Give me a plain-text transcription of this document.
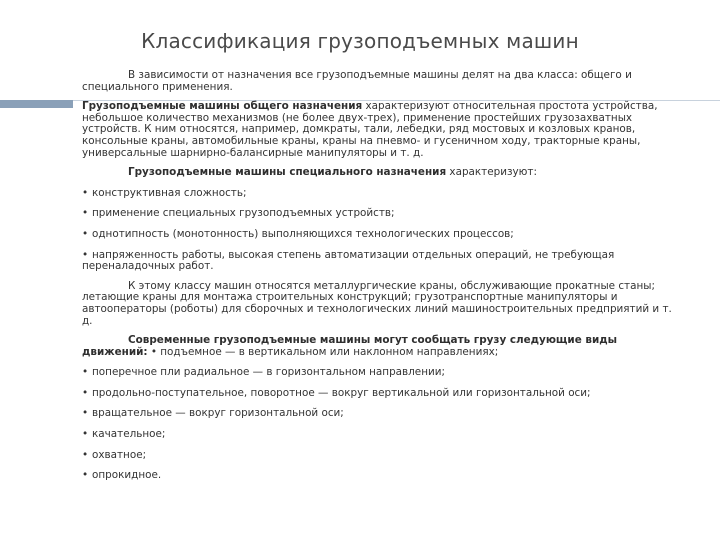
Классификация грузоподъемных машин

В зависимости от назначения все грузоподъемные машины делят на два класса: общего и специального применения.

Грузоподъемные машины общего назначения характеризуют относительная простота устройства, небольшое количество механизмов (не более двух-трех), применение простейших грузозахватных устройств. К ним относятся, например, домкраты, тали, лебедки, ряд мостовых и козловых кранов, консольные краны, автомобильные краны, краны на пневмо- и гусеничном ходу, тракторные краны, универсальные шарнирно-балансирные манипуляторы и т. д.

Грузоподъемные машины специального назначения характеризуют:

• конструктивная сложность;

• применение специальных грузоподъемных устройств;

• однотипность (монотонность) выполняющихся технологических процессов;

• напряженность работы, высокая степень автоматизации отдельных операций, не требующая переналадочных работ.

К этому классу машин относятся металлургические краны, обслуживающие прокатные станы; летающие краны для монтажа строительных конструкций; грузотранспортные манипуляторы и автооператоры (роботы) для сборочных и технологических линий машиностроительных предприятий и т. д.

Современные грузоподъемные машины могут сообщать грузу следующие виды движений: • подъемное — в вертикальном или наклонном направлениях;

• поперечное пли радиальное — в горизонтальном направлении;

• продольно-поступательное, поворотное — вокруг вертикальной или горизонтальной оси;

• вращательное — вокруг горизонтальной оси;

• качательное;

• охватное;

• опрокидное.
